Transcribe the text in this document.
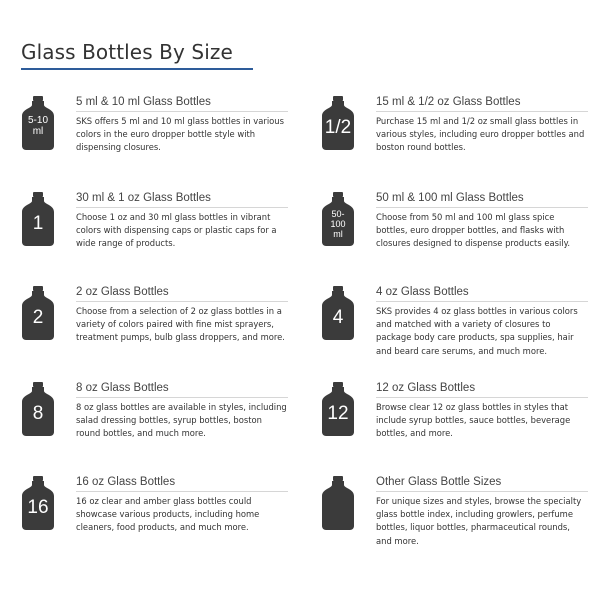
Glass Bottles By Size
5-10
ml
5 ml & 10 ml Glass Bottles
SKS offers 5 ml and 10 ml glass bottles in various colors in the euro dropper bottle style with dispensing closures.
1/2
15 ml & 1/2 oz Glass Bottles
Purchase 15 ml and 1/2 oz small glass bottles in various styles, including euro dropper bottles and boston round bottles.
1
30 ml & 1 oz Glass Bottles
Choose 1 oz and 30 ml glass bottles in vibrant colors with dispensing caps or plastic caps for a wide range of products.
50-
100
ml
50 ml & 100 ml Glass Bottles
Choose from 50 ml and 100 ml glass spice bottles, euro dropper bottles, and flasks with closures designed to dispense products easily.
2
2 oz Glass Bottles
Choose from a selection of 2 oz glass bottles in a variety of colors paired with fine mist sprayers, treatment pumps, bulb glass droppers, and more.
4
4 oz Glass Bottles
SKS provides 4 oz glass bottles in various colors and matched with a variety of closures to package body care products, spa supplies, hair and beard care serums, and much more.
8
8 oz Glass Bottles
8 oz glass bottles are available in styles, including salad dressing bottles, syrup bottles, boston round bottles, and much more.
12
12 oz Glass Bottles
Browse clear 12 oz glass bottles in styles that include syrup bottles, sauce bottles, beverage bottles, and more.
16
16 oz Glass Bottles
16 oz clear and amber glass bottles could showcase various products, including home cleaners, food products, and much more.
Other Glass Bottle Sizes
For unique sizes and styles, browse the specialty glass bottle index, including growlers, perfume bottles, liquor bottles, pharmaceutical rounds, and more.
